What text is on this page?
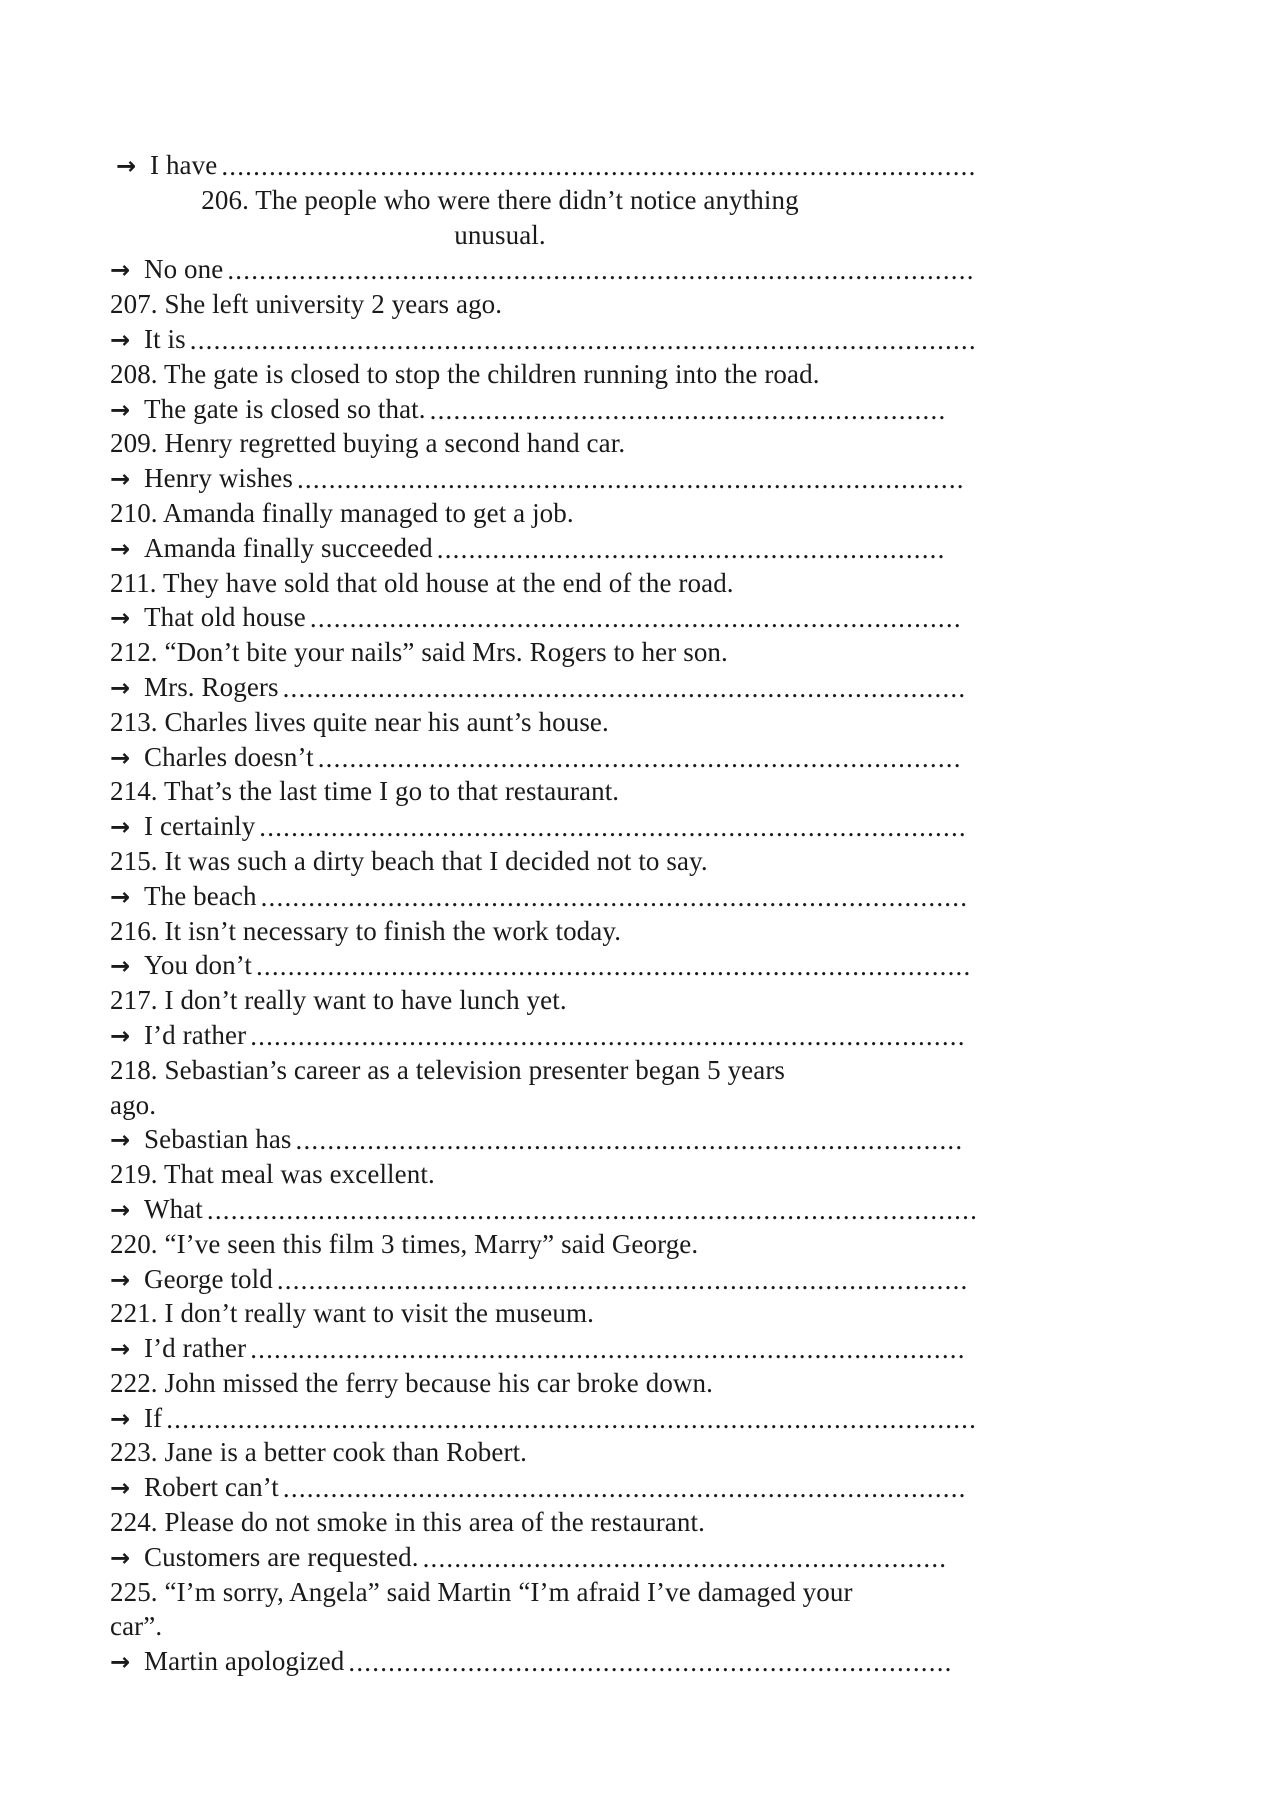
→ I have ...............................................................................................
206. The people who were there didn’t notice anything
unusual.
→ No one ..............................................................................................
207. She left university 2 years ago.
→ It is ...................................................................................................
208. The gate is closed to stop the children running into the road.
→ The gate is closed so that. .................................................................
209. Henry regretted buying a second hand car.
→ Henry wishes ....................................................................................
210. Amanda finally managed to get a job.
→ Amanda finally succeeded ................................................................
211. They have sold that old house at the end of the road.
→ That old house ..................................................................................
212. “Don’t bite your nails” said Mrs. Rogers to her son.
→ Mrs. Rogers ......................................................................................
213. Charles lives quite near his aunt’s house.
→ Charles doesn’t .................................................................................
214. That’s the last time I go to that restaurant.
→ I certainly .........................................................................................
215. It was such a dirty beach that I decided not to say.
→ The beach .........................................................................................
216. It isn’t necessary to finish the work today.
→ You don’t ..........................................................................................
217. I don’t really want to have lunch yet.
→ I’d rather ..........................................................................................
218. Sebastian’s career as a television presenter began 5 years
ago.
→ Sebastian has ....................................................................................
219. That meal was excellent.
→ What .................................................................................................
220. “I’ve seen this film 3 times, Marry” said George.
→ George told .......................................................................................
221. I don’t really want to visit the museum.
→ I’d rather ..........................................................................................
222. John missed the ferry because his car broke down.
→ If ......................................................................................................
223. Jane is a better cook than Robert.
→ Robert can’t ......................................................................................
224. Please do not smoke in this area of the restaurant.
→ Customers are requested. ..................................................................
225. “I’m sorry, Angela” said Martin “I’m afraid I’ve damaged your
car”.
→ Martin apologized ............................................................................
